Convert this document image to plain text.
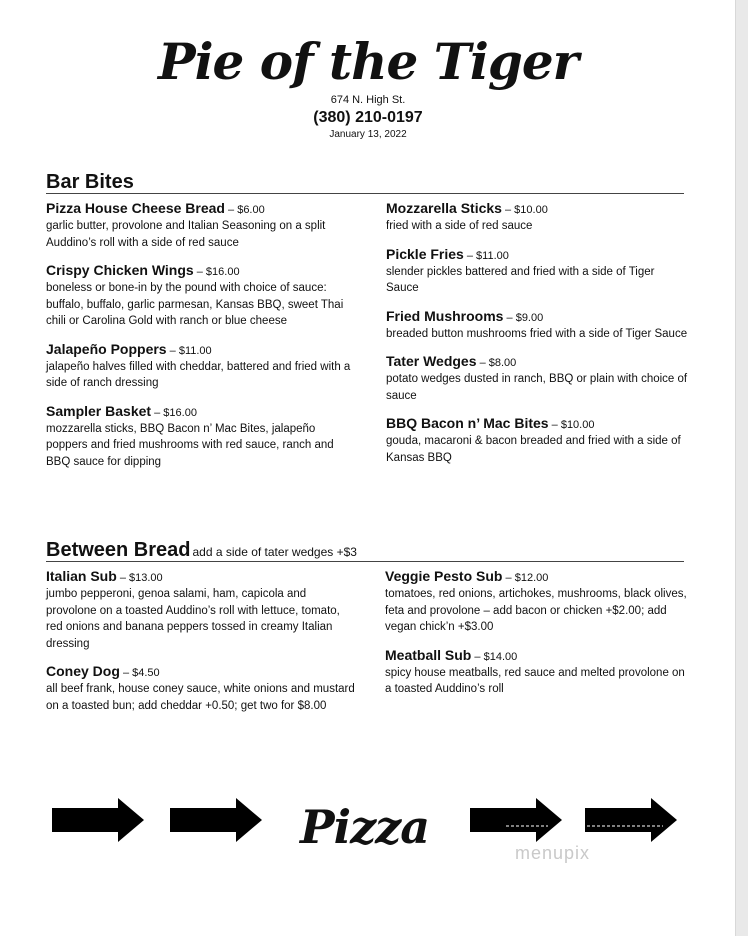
Pie of the Tiger
674 N. High St.
(380) 210-0197
January 13, 2022
Bar Bites
Pizza House Cheese Bread – $6.00
garlic butter, provolone and Italian Seasoning on a split Auddino’s roll with a side of red sauce
Crispy Chicken Wings – $16.00
boneless or bone-in by the pound with choice of sauce: buffalo, buffalo, garlic parmesan, Kansas BBQ, sweet Thai chili or Carolina Gold with ranch or blue cheese
Jalapeño Poppers – $11.00
jalapeño halves filled with cheddar, battered and fried with a side of ranch dressing
Sampler Basket – $16.00
mozzarella sticks, BBQ Bacon n’ Mac Bites, jalapeño poppers and fried mushrooms with red sauce, ranch and BBQ sauce for dipping
Mozzarella Sticks – $10.00
fried with a side of red sauce
Pickle Fries – $11.00
slender pickles battered and fried with a side of Tiger Sauce
Fried Mushrooms – $9.00
breaded button mushrooms fried with a side of Tiger Sauce
Tater Wedges – $8.00
potato wedges dusted in ranch, BBQ or plain with choice of sauce
BBQ Bacon n’ Mac Bites – $10.00
gouda, macaroni & bacon breaded and fried with a side of Kansas BBQ
Between Bread add a side of tater wedges +$3
Italian Sub – $13.00
jumbo pepperoni, genoa salami, ham, capicola and provolone on a toasted Auddino’s roll with lettuce, tomato, red onions and banana peppers tossed in creamy Italian dressing
Coney Dog – $4.50
all beef frank, house coney sauce, white onions and mustard on a toasted bun; add cheddar +0.50; get two for $8.00
Veggie Pesto Sub – $12.00
tomatoes, red onions, artichokes, mushrooms, black olives, feta and provolone – add bacon or chicken +$2.00; add vegan chick’n +$3.00
Meatball Sub – $14.00
spicy house meatballs, red sauce and melted provolone on a toasted Auddino’s roll
Pizza	menupix
